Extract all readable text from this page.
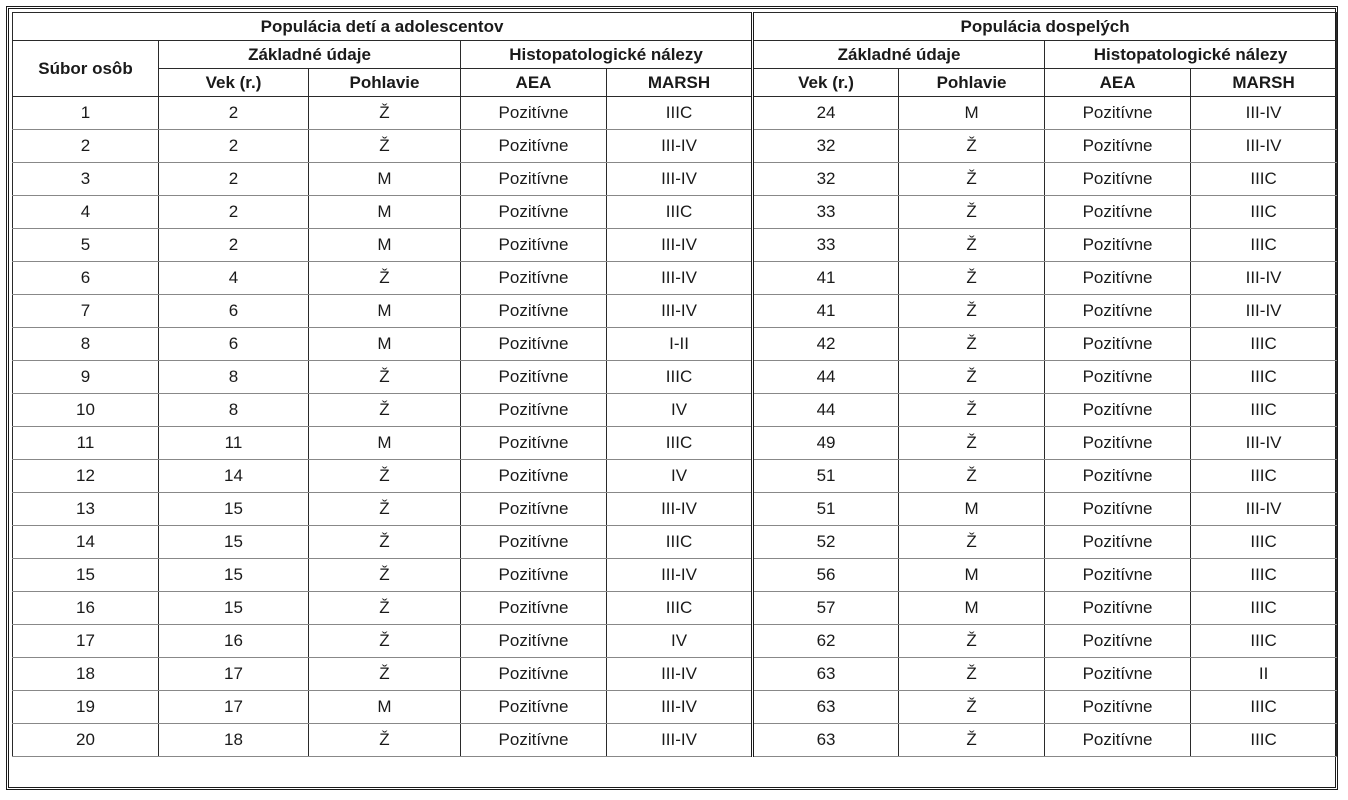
Populácia detí a adolescentov					Populácia dospelých			
Súbor osôb	Základné údaje		Histopatologické nálezy		Základné údaje		Histopatologické nálezy	
	Vek (r.)	Pohlavie	AEA	MARSH	Vek (r.)	Pohlavie	AEA	MARSH
1	2	Ž	Pozitívne	IIIC	24	M	Pozitívne	III-IV
2	2	Ž	Pozitívne	III-IV	32	Ž	Pozitívne	III-IV
3	2	M	Pozitívne	III-IV	32	Ž	Pozitívne	IIIC
4	2	M	Pozitívne	IIIC	33	Ž	Pozitívne	IIIC
5	2	M	Pozitívne	III-IV	33	Ž	Pozitívne	IIIC
6	4	Ž	Pozitívne	III-IV	41	Ž	Pozitívne	III-IV
7	6	M	Pozitívne	III-IV	41	Ž	Pozitívne	III-IV
8	6	M	Pozitívne	I-II	42	Ž	Pozitívne	IIIC
9	8	Ž	Pozitívne	IIIC	44	Ž	Pozitívne	IIIC
10	8	Ž	Pozitívne	IV	44	Ž	Pozitívne	IIIC
11	11	M	Pozitívne	IIIC	49	Ž	Pozitívne	III-IV
12	14	Ž	Pozitívne	IV	51	Ž	Pozitívne	IIIC
13	15	Ž	Pozitívne	III-IV	51	M	Pozitívne	III-IV
14	15	Ž	Pozitívne	IIIC	52	Ž	Pozitívne	IIIC
15	15	Ž	Pozitívne	III-IV	56	M	Pozitívne	IIIC
16	15	Ž	Pozitívne	IIIC	57	M	Pozitívne	IIIC
17	16	Ž	Pozitívne	IV	62	Ž	Pozitívne	IIIC
18	17	Ž	Pozitívne	III-IV	63	Ž	Pozitívne	II
19	17	M	Pozitívne	III-IV	63	Ž	Pozitívne	IIIC
20	18	Ž	Pozitívne	III-IV	63	Ž	Pozitívne	IIIC
